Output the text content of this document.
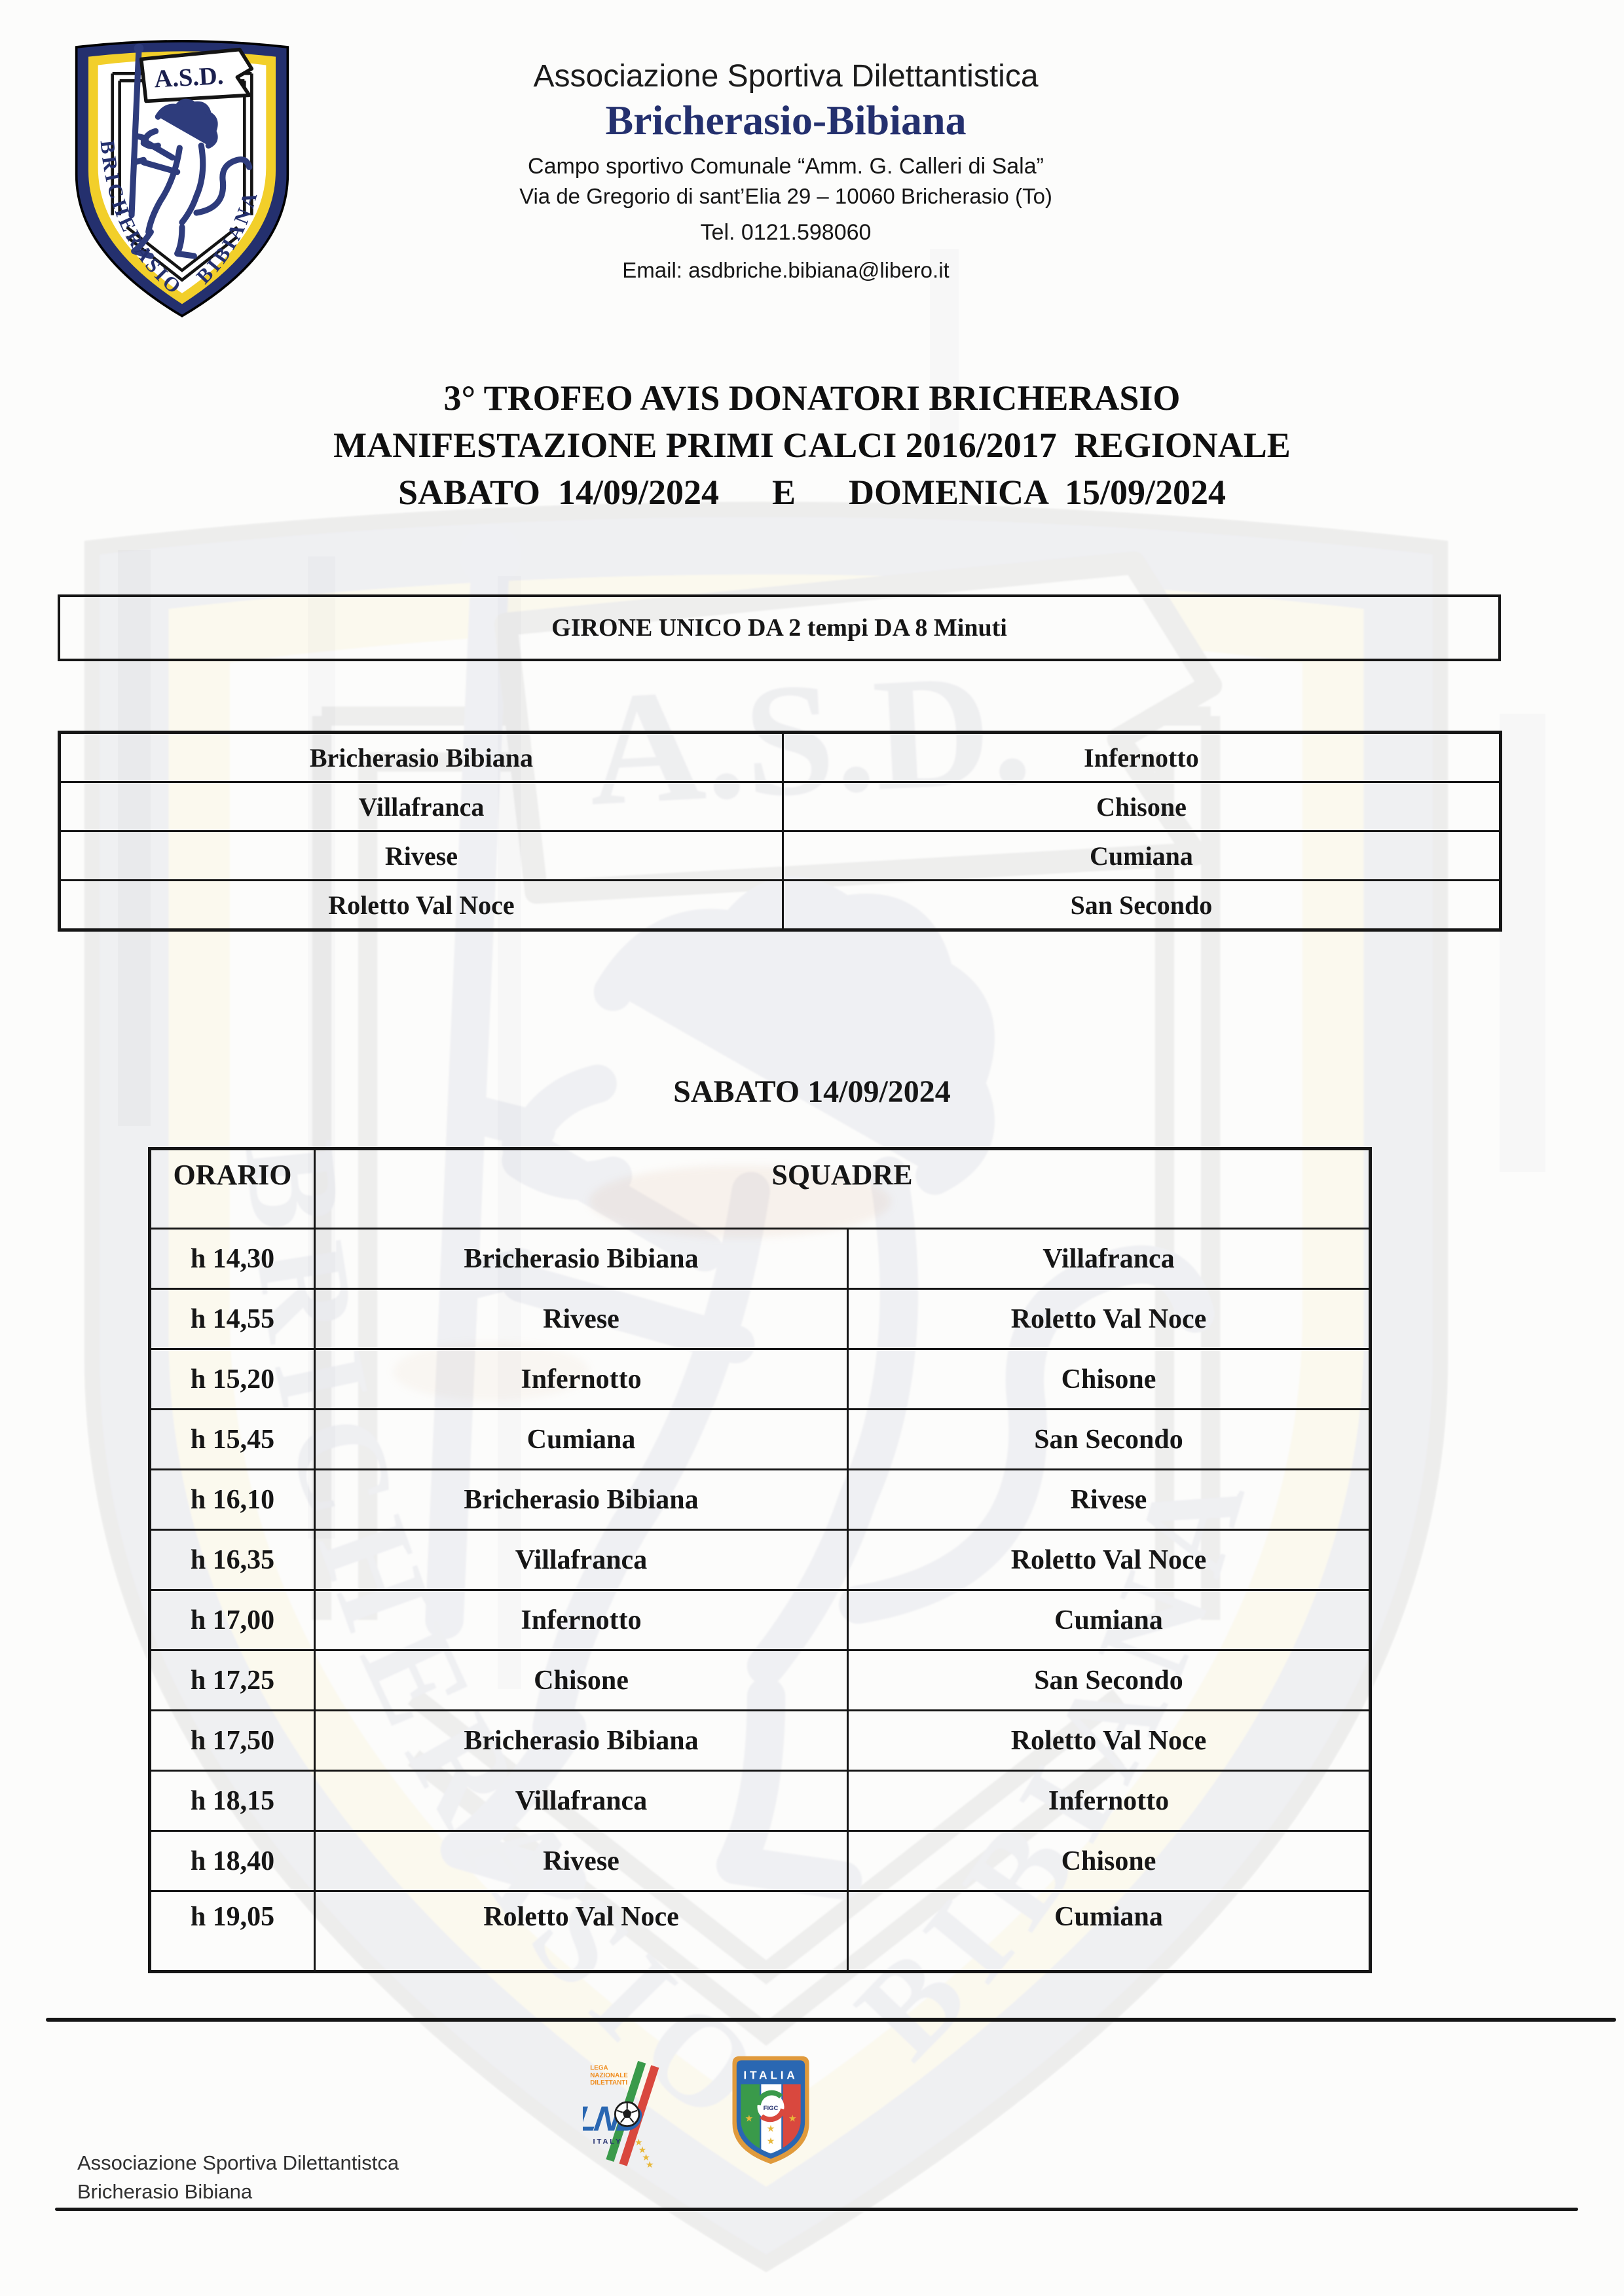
Associazione Sportiva Dilettantistica
Bricherasio-Bibiana
Campo sportivo Comunale “Amm. G. Calleri di Sala”
Via de Gregorio di sant’Elia 29 – 10060 Bricherasio (To)
Tel. 0121.598060
Email: asdbriche.bibiana@libero.it
3° TROFEO AVIS DONATORI BRICHERASIO
MANIFESTAZIONE PRIMI CALCI 2016/2017  REGIONALE
SABATO  14/09/2024      E      DOMENICA  15/09/2024
GIRONE UNICO DA 2 tempi DA 8 Minuti
Bricherasio Bibiana	Infernotto
Villafranca	Chisone
Rivese	Cumiana
Roletto Val Noce	San Secondo
SABATO 14/09/2024
ORARIO	SQUADRE	
h 14,30	Bricherasio Bibiana	Villafranca
h 14,55	Rivese	Roletto Val Noce
h 15,20	Infernotto	Chisone
h 15,45	Cumiana	San Secondo
h 16,10	Bricherasio Bibiana	Rivese
h 16,35	Villafranca	Roletto Val Noce
h 17,00	Infernotto	Cumiana
h 17,25	Chisone	San Secondo
h 17,50	Bricherasio Bibiana	Roletto Val Noce
h 18,15	Villafranca	Infernotto
h 18,40	Rivese	Chisone
h 19,05	Roletto Val Noce	Cumiana
Associazione Sportiva Dilettantistca
Bricherasio Bibiana
